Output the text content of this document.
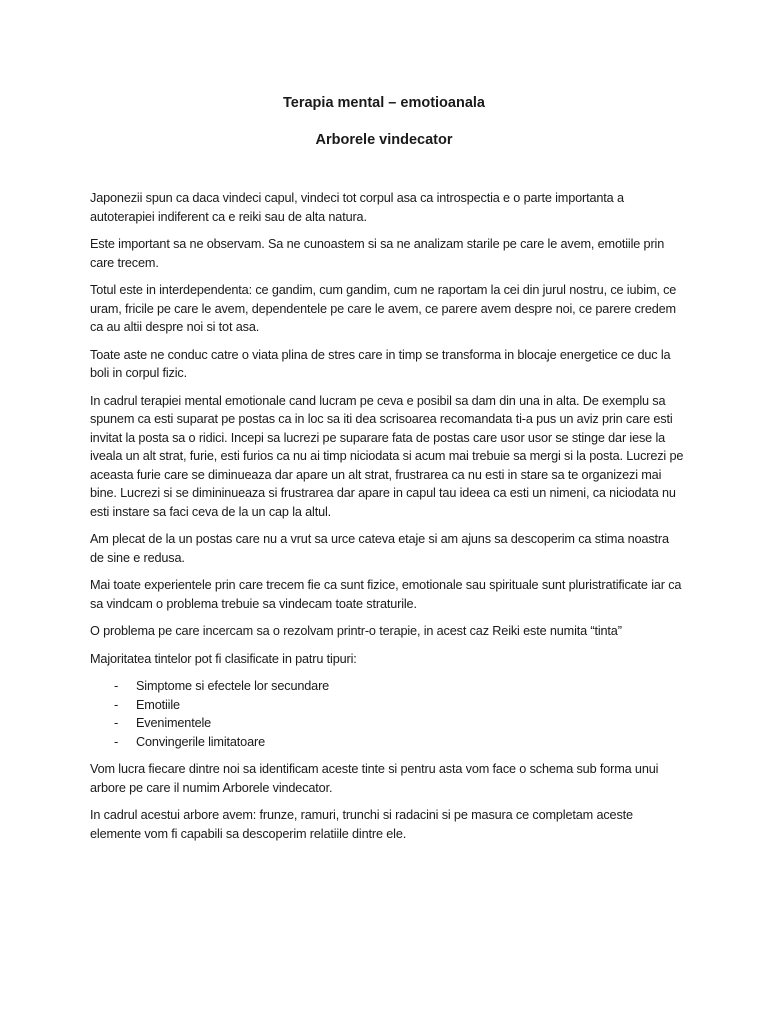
Terapia mental – emotioanala

Arborele vindecator

Japonezii spun ca daca vindeci capul, vindeci tot corpul asa ca introspectia e o parte importanta a autoterapiei indiferent ca e reiki sau de alta natura.

Este important sa ne observam. Sa ne cunoastem si sa ne analizam starile pe care le avem, emotiile prin care trecem.

Totul este in interdependenta: ce gandim, cum gandim, cum ne raportam la cei din jurul nostru, ce iubim, ce uram, fricile pe care le avem, dependentele pe care le avem, ce parere avem despre noi, ce parere credem ca au altii despre noi si tot asa.

Toate aste ne conduc catre o viata plina de stres care in timp se transforma in blocaje energetice ce duc la boli in corpul fizic.

In cadrul terapiei mental emotionale cand lucram pe ceva e posibil sa dam din una in alta. De exemplu sa spunem ca esti suparat pe postas ca in loc sa iti dea scrisoarea recomandata ti-a pus un aviz prin care esti invitat la posta sa o ridici. Incepi sa lucrezi pe suparare fata de postas care usor usor se stinge dar iese la iveala un alt strat, furie, esti furios ca nu ai timp niciodata si acum mai trebuie sa mergi si la posta. Lucrezi pe aceasta furie care se diminueaza dar apare un alt strat, frustrarea ca nu esti in stare sa te organizezi mai bine. Lucrezi si se dimininueaza si frustrarea dar apare in capul tau ideea ca esti un nimeni, ca niciodata nu esti instare sa faci ceva de la un cap la altul.

Am plecat de la un postas care nu a vrut sa urce cateva etaje si am ajuns sa descoperim ca stima noastra de sine e redusa.

Mai toate experientele prin care trecem fie ca sunt fizice, emotionale sau spirituale sunt pluristratificate iar ca sa vindcam o problema trebuie sa vindecam toate straturile.

O problema pe care incercam sa o rezolvam printr-o terapie, in acest caz Reiki este numita “tinta”

Majoritatea tintelor pot fi clasificate in patru tipuri:

- Simptome si efectele lor secundare
- Emotiile
- Evenimentele
- Convingerile limitatoare

Vom lucra fiecare dintre noi sa identificam aceste tinte si pentru asta vom face o schema sub forma unui arbore pe care il numim Arborele vindecator.

In cadrul acestui arbore avem: frunze, ramuri, trunchi si radacini si pe masura ce completam aceste elemente vom fi capabili sa descoperim relatiile dintre ele.
